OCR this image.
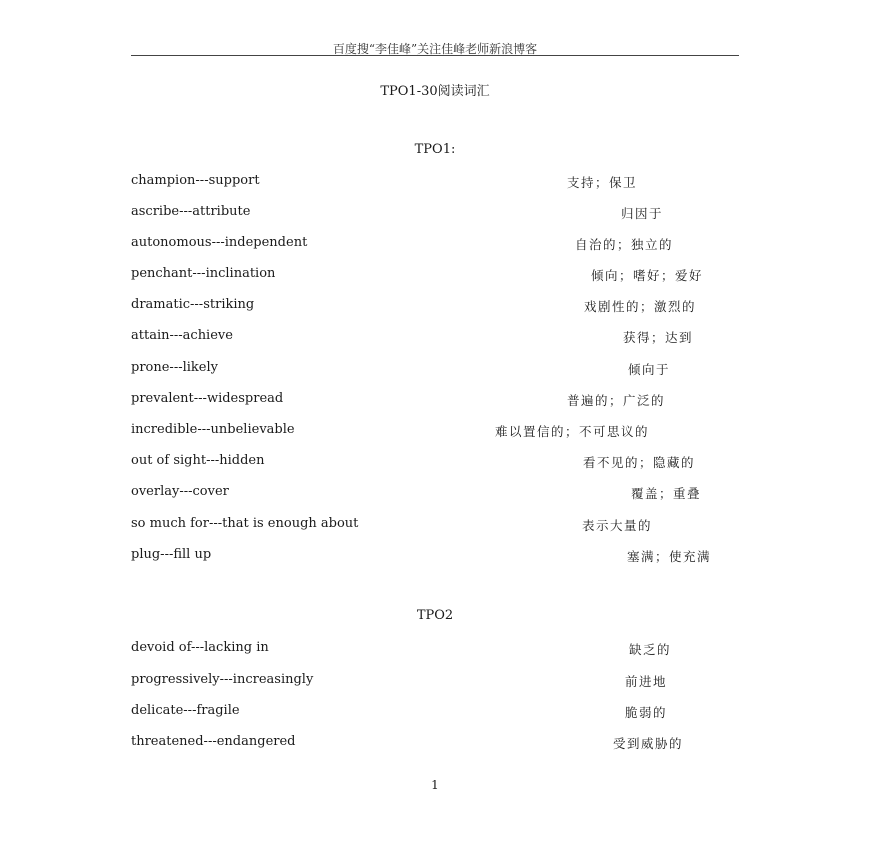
百度搜“李佳峰”关注佳峰老师新浪博客
TPO1-30阅读词汇
TPO1:
champion---support	支持；保卫
ascribe---attribute	归因于
autonomous---independent	自治的；独立的
penchant---inclination	倾向；嗜好；爱好
dramatic---striking	戏剧性的；激烈的
attain---achieve	获得；达到
prone---likely	倾向于
prevalent---widespread	普遍的；广泛的
incredible---unbelievable	难以置信的；不可思议的
out of sight---hidden	看不见的；隐藏的
overlay---cover	覆盖；重叠
so much for---that is enough about	表示大量的
plug---fill up	塞满；使充满
TPO2
devoid of---lacking in	缺乏的
progressively---increasingly	前进地
delicate---fragile	脆弱的
threatened---endangered	受到威胁的
1
